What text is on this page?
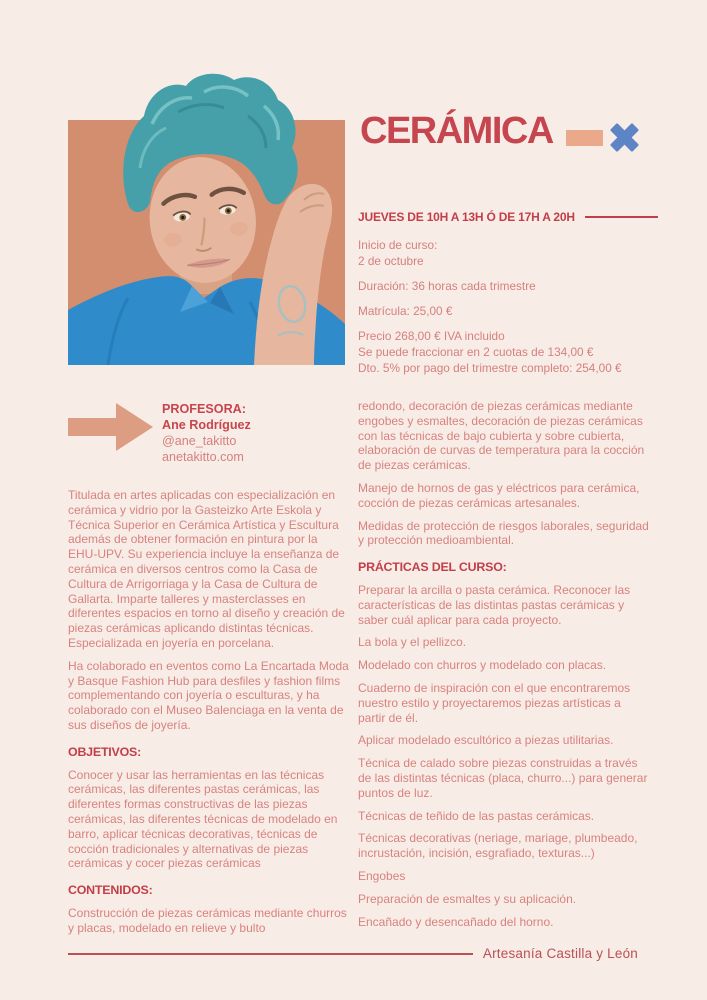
CERÁMICA
JUEVES DE 10H A 13H Ó DE 17H A 20H
Inicio de curso:
2 de octubre
Duración: 36 horas cada trimestre
Matrícula: 25,00 €
Precio 268,00 € IVA incluido
Se puede fraccionar en 2 cuotas de 134,00 €
Dto. 5% por pago del trimestre completo: 254,00 €
PROFESORA:
Ane Rodríguez
@ane_takitto
anetakitto.com

Titulada en artes aplicadas con especialización en cerámica y vidrio por la Gasteizko Arte Eskola y Técnica Superior en Cerámica Artística y Escultura además de obtener formación en pintura por la EHU-UPV. Su experiencia incluye la enseñanza de cerámica en diversos centros como la Casa de Cultura de Arrigorriaga y la Casa de Cultura de Gallarta. Imparte talleres y masterclasses en diferentes espacios en torno al diseño y creación de piezas cerámicas aplicando distintas técnicas. Especializada en joyería en porcelana.

Ha colaborado en eventos como La Encartada Moda y Basque Fashion Hub para desfiles y fashion films complementando con joyería o esculturas, y ha colaborado con el Museo Balenciaga en la venta de sus diseños de joyería.

OBJETIVOS:

Conocer y usar las herramientas en las técnicas cerámicas, las diferentes pastas cerámicas, las diferentes formas constructivas de las piezas cerámicas, las diferentes técnicas de modelado en barro, aplicar técnicas decorativas, técnicas de cocción tradicionales y alternativas de piezas cerámicas y cocer piezas cerámicas

CONTENIDOS:

Construcción de piezas cerámicas mediante churros y placas, modelado en relieve y bulto

redondo, decoración de piezas cerámicas mediante engobes y esmaltes, decoración de piezas cerámicas con las técnicas de bajo cubierta y sobre cubierta, elaboración de curvas de temperatura para la cocción de piezas cerámicas.

Manejo de hornos de gas y eléctricos para cerámica, cocción de piezas cerámicas artesanales.

Medidas de protección de riesgos laborales, seguridad y protección medioambiental.

PRÁCTICAS DEL CURSO:

Preparar la arcilla o pasta cerámica. Reconocer las características de las distintas pastas cerámicas y saber cuál aplicar para cada proyecto.

La bola y el pellizco.

Modelado con churros y modelado con placas.

Cuaderno de inspiración con el que encontraremos nuestro estilo y proyectaremos piezas artísticas a partir de él.

Aplicar modelado escultórico a piezas utilitarias.

Técnica de calado sobre piezas construidas a través de las distintas técnicas (placa, churro...) para generar puntos de luz.

Técnicas de teñido de las pastas cerámicas.

Técnicas decorativas (neriage, mariage, plumbeado, incrustación, incisión, esgrafiado, texturas...)

Engobes

Preparación de esmaltes y su aplicación.

Encañado y desencañado del horno.

Artesanía Castilla y León
